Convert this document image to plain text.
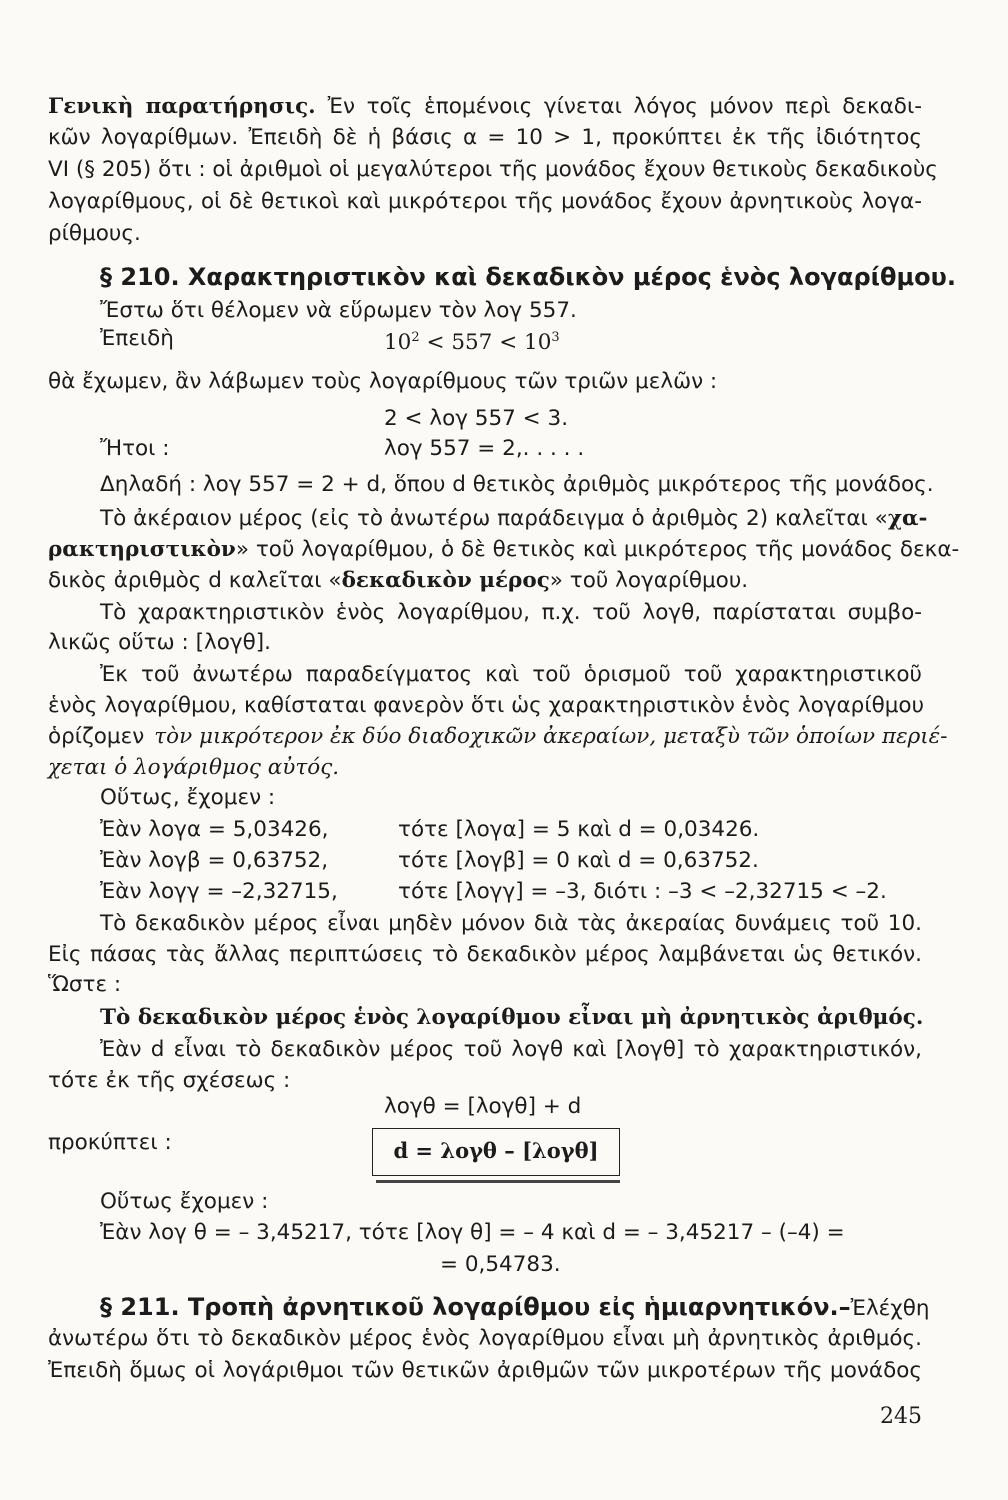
Γενικὴ παρατήρησις. Ἐν τοῖς ἑπομένοις γίνεται λόγος μόνον περὶ δεκαδι-
κῶν λογαρίθμων. Ἐπειδὴ δὲ ἡ βάσις α = 10 > 1, προκύπτει ἐκ τῆς ἰδιότητος
VI (§ 205) ὅτι : οἱ ἀριθμοὶ οἱ μεγαλύτεροι τῆς μονάδος ἔχουν θετικοὺς δεκαδικοὺς
λογαρίθμους, οἱ δὲ θετικοὶ καὶ μικρότεροι τῆς μονάδος ἔχουν ἀρνητικοὺς λογα-
ρίθμους.
§ 210. Χαρακτηριστικὸν καὶ δεκαδικὸν μέρος ἑνὸς λογαρίθμου.
Ἔστω ὅτι θέλομεν νὰ εὕρωμεν τὸν λογ 557.
Ἐπειδὴ	$10^2 < 557 < 10^3$
θὰ ἔχωμεν, ἂν λάβωμεν τοὺς λογαρίθμους τῶν τριῶν μελῶν :
2 < λογ 557 < 3.
Ἤτοι :	λογ 557 = 2,. . . . .
Δηλαδή : λογ 557 = 2 + d, ὅπου d θετικὸς ἀριθμὸς μικρότερος τῆς μονάδος.
Τὸ ἀκέραιον μέρος (εἰς τὸ ἀνωτέρω παράδειγμα ὁ ἀριθμὸς 2) καλεῖται «χα-
ρακτηριστικὸν» τοῦ λογαρίθμου, ὁ δὲ θετικὸς καὶ μικρότερος τῆς μονάδος δεκα-
δικὸς ἀριθμὸς d καλεῖται «δεκαδικὸν μέρος» τοῦ λογαρίθμου.
Τὸ χαρακτηριστικὸν ἑνὸς λογαρίθμου, π.χ. τοῦ λογθ, παρίσταται συμβο-
λικῶς οὕτω : [λογθ].
Ἐκ τοῦ ἀνωτέρω παραδείγματος καὶ τοῦ ὁρισμοῦ τοῦ χαρακτηριστικοῦ
ἑνὸς λογαρίθμου, καθίσταται φανερὸν ὅτι ὡς χαρακτηριστικὸν ἑνὸς λογαρίθμου
ὁρίζομεν τὸν μικρότερον ἐκ δύο διαδοχικῶν ἀκεραίων, μεταξὺ τῶν ὁποίων περιέ-
χεται ὁ λογάριθμος αὐτός.
Οὕτως, ἔχομεν :
Ἐὰν λογα = 5,03426,	τότε [λογα] = 5 καὶ d = 0,03426.
Ἐὰν λογβ = 0,63752,	τότε [λογβ] = 0 καὶ d = 0,63752.
Ἐὰν λογγ = –2,32715,	τότε [λογγ] = –3, διότι : –3 < –2,32715 < –2.
Τὸ δεκαδικὸν μέρος εἶναι μηδὲν μόνον διὰ τὰς ἀκεραίας δυνάμεις τοῦ 10.
Εἰς πάσας τὰς ἄλλας περιπτώσεις τὸ δεκαδικὸν μέρος λαμβάνεται ὡς θετικόν.
Ὥστε :
Τὸ δεκαδικὸν μέρος ἑνὸς λογαρίθμου εἶναι μὴ ἀρνητικὸς ἀριθμός.
Ἐὰν d εἶναι τὸ δεκαδικὸν μέρος τοῦ λογθ καὶ [λογθ] τὸ χαρακτηριστικόν,
τότε ἐκ τῆς σχέσεως :
λογθ = [λογθ] + d
προκύπτει :	d = λογθ – [λογθ]
Οὕτως ἔχομεν :
Ἐὰν λογ θ = – 3,45217, τότε [λογ θ] = – 4 καὶ d = – 3,45217 – (–4) =
= 0,54783.
§ 211. Τροπὴ ἀρνητικοῦ λογαρίθμου εἰς ἡμιαρνητικόν.–Ἐλέχθη
ἀνωτέρω ὅτι τὸ δεκαδικὸν μέρος ἑνὸς λογαρίθμου εἶναι μὴ ἀρνητικὸς ἀριθμός.
Ἐπειδὴ ὅμως οἱ λογάριθμοι τῶν θετικῶν ἀριθμῶν τῶν μικροτέρων τῆς μονάδος
245
